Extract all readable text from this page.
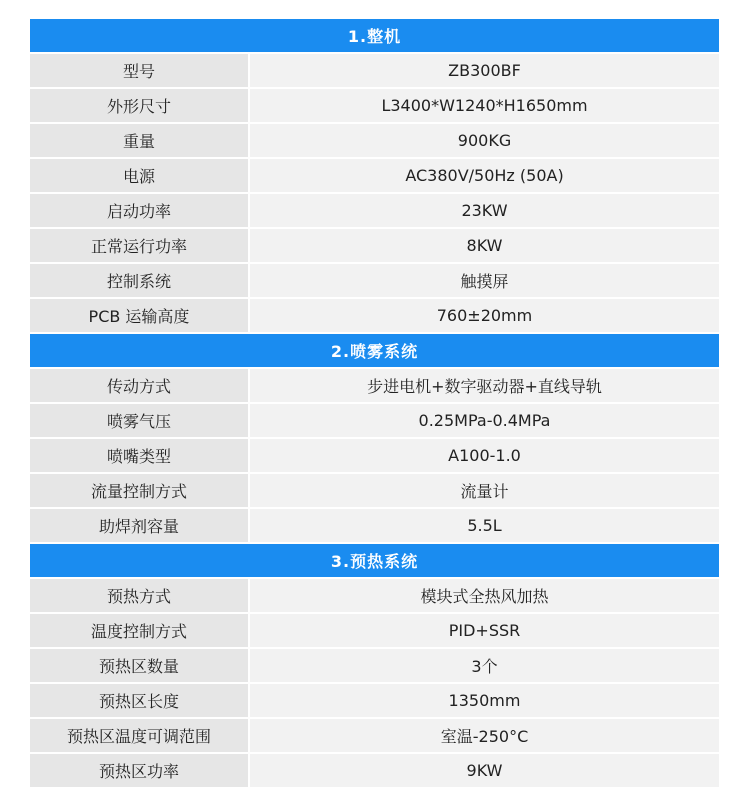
1.整机
型号	ZB300BF
外形尺寸	L3400*W1240*H1650mm
重量	900KG
电源	AC380V/50Hz (50A)
启动功率	23KW
正常运行功率	8KW
控制系统	触摸屏
PCB 运输高度	760±20mm
2.喷雾系统
传动方式	步进电机+数字驱动器+直线导轨
喷雾气压	0.25MPa-0.4MPa
喷嘴类型	A100-1.0
流量控制方式	流量计
助焊剂容量	5.5L
3.预热系统
预热方式	模块式全热风加热
温度控制方式	PID+SSR
预热区数量	3个
预热区长度	1350mm
预热区温度可调范围	室温-250°C
预热区功率	9KW
